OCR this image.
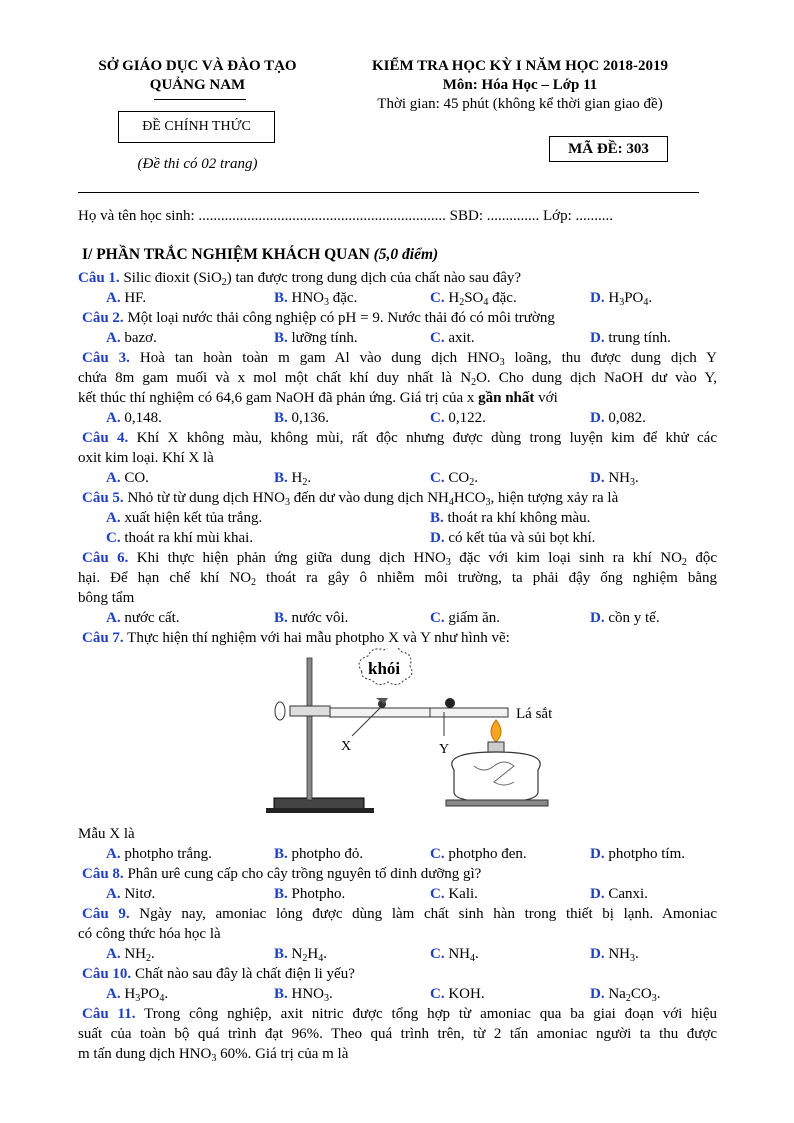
SỞ GIÁO DỤC VÀ ĐÀO TẠO
QUẢNG NAM
ĐỀ CHÍNH THỨC
(Đề thi có 02 trang)
KIỂM TRA HỌC KỲ I NĂM HỌC 2018-2019
Môn: Hóa Học – Lớp 11
Thời gian: 45 phút (không kể thời gian giao đề)
MÃ ĐỀ: 303
Họ và tên học sinh: .................................................................. SBD: .............. Lớp: ..........
I/ PHẦN TRẮC NGHIỆM KHÁCH QUAN (5,0 điểm)
Câu 1. Silic đioxit (SiO$_2$) tan được trong dung dịch của chất nào sau đây?
A. HF.	B. $HNO_3$ đặc.	C. $H_2SO_4$ đặc.	D. $H_3PO_4$.
Câu 2. Một loại nước thải công nghiệp có pH = 9. Nước thải đó có môi trường
A. bazơ.	B. lưỡng tính.	C. axit.	D. trung tính.
Câu 3. Hoà tan hoàn toàn m gam Al vào dung dịch $HNO_3$ loãng, thu được dung dịch Y
chứa 8m gam muối và x mol một chất khí duy nhất là $N_2O$. Cho dung dịch NaOH dư vào Y,
kết thúc thí nghiệm có 64,6 gam NaOH đã phản ứng. Giá trị của x gần nhất với
A. 0,148.	B. 0,136.	C. 0,122.	D. 0,082.
Câu 4. Khí X không màu, không mùi, rất độc nhưng được dùng trong luyện kim để khử các
oxit kim loại. Khí X là
A. CO.	B. $H_2$.	C. $CO_2$.	D. $NH_3$.
Câu 5. Nhỏ từ từ dung dịch $HNO_3$ đến dư vào dung dịch $NH_4HCO_3$, hiện tượng xảy ra là
A. xuất hiện kết tủa trắng.	B. thoát ra khí không màu.
C. thoát ra khí mùi khai.	D. có kết tủa và sủi bọt khí.
Câu 6. Khi thực hiện phản ứng giữa dung dịch $HNO_3$ đặc với kim loại sinh ra khí $NO_2$ độc
hại. Để hạn chế khí $NO_2$ thoát ra gây ô nhiễm môi trường, ta phải đậy ống nghiệm bằng
bông tẩm
A. nước cất.	B. nước vôi.	C. giấm ăn.	D. cồn y tế.
Câu 7. Thực hiện thí nghiệm với hai mẫu photpho X và Y như hình vẽ:
khói
X	Y
Lá sắt
Mẫu X là
A. photpho trắng.	B. photpho đỏ.	C. photpho đen.	D. photpho tím.
Câu 8. Phân urê cung cấp cho cây trồng nguyên tố dinh dưỡng gì?
A. Nitơ.	B. Photpho.	C. Kali.	D. Canxi.
Câu 9. Ngày nay, amoniac lỏng được dùng làm chất sinh hàn trong thiết bị lạnh. Amoniac
có công thức hóa học là
A. $NH_2$.	B. $N_2H_4$.	C. $NH_4$.	D. $NH_3$.
Câu 10. Chất nào sau đây là chất điện li yếu?
A. $H_3PO_4$.	B. $HNO_3$.	C. KOH.	D. $Na_2CO_3$.
Câu 11. Trong công nghiệp, axit nitric được tổng hợp từ amoniac qua ba giai đoạn với hiệu
suất của toàn bộ quá trình đạt 96%. Theo quá trình trên, từ 2 tấn amoniac người ta thu được
m tấn dung dịch $HNO_3$ 60%. Giá trị của m là
